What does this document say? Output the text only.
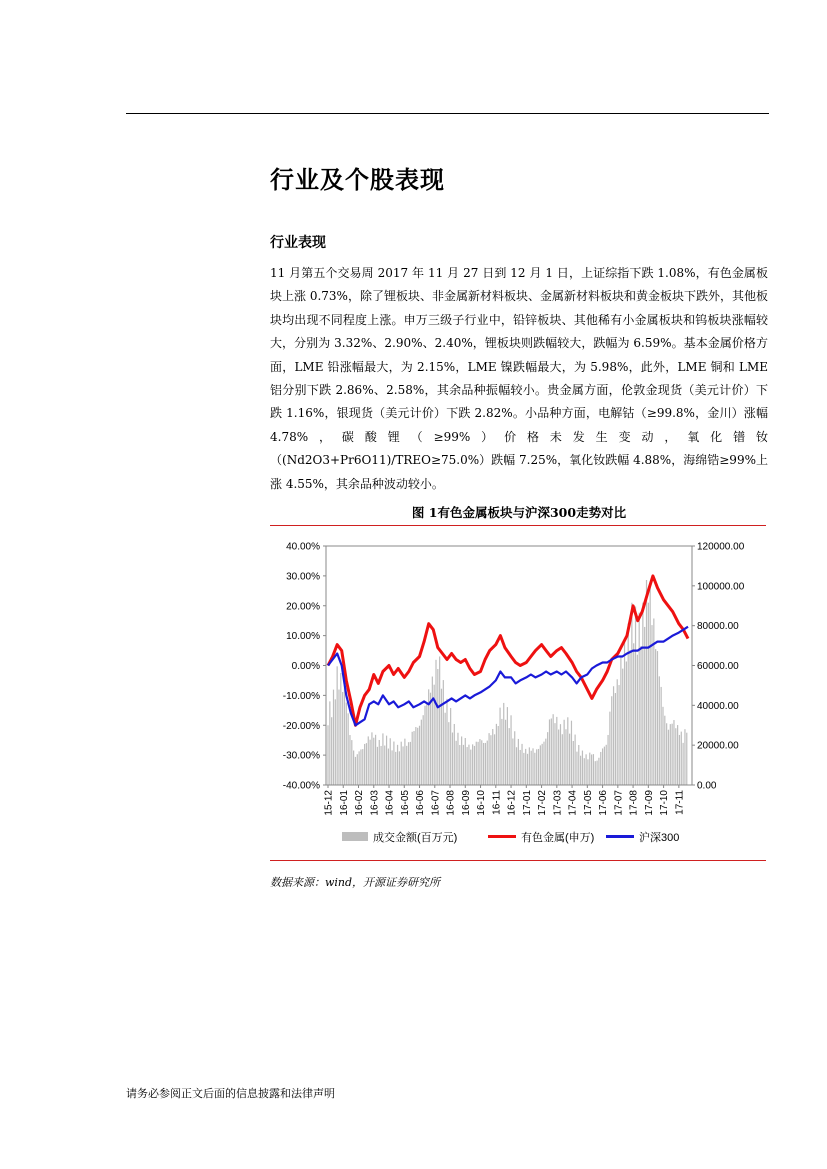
行业及个股表现
行业表现

11 月第五个交易周 2017 年 11 月 27 日到 12 月 1 日，上证综指下跌 1.08%，有色金属板块上涨 0.73%，除了锂板块、非金属新材料板块、金属新材料板块和黄金板块下跌外，其他板块均出现不同程度上涨。申万三级子行业中，铅锌板块、其他稀有小金属板块和钨板块涨幅较大，分别为 3.32%、2.90%、2.40%，锂板块则跌幅较大，跌幅为 6.59%。基本金属价格方面，LME 铅涨幅最大，为 2.15%，LME 镍跌幅最大，为 5.98%，此外，LME 铜和 LME 铝分别下跌 2.86%、2.58%，其余品种振幅较小。贵金属方面，伦敦金现货（美元计价）下跌 1.16%，银现货（美元计价）下跌 2.82%。小品种方面，电解钴（≥99.8%，金川）涨幅 4.78%，碳酸锂（≥99%）价格未发生变动，氧化镨钕（(Nd2O3+Pr6O11)/TREO≥75.0%）跌幅 7.25%，氧化钕跌幅 4.88%，海绵锆≥99%上涨 4.55%，其余品种波动较小。

图 1有色金属板块与沪深300走势对比
40.00%
30.00%
20.00%
10.00%
0.00%
-10.00%
-20.00%
-30.00%
-40.00%
120000.00
100000.00
80000.00
60000.00
40000.00
20000.00
0.00
15-12 16-01 16-02 16-03 16-04 16-05 16-06 16-07 16-08 16-09 16-10 16-11 16-12 17-01 17-02 17-03 17-04 17-05 17-06 17-07 17-08 17-09 17-10 17-11
成交金额(百万元)	有色金属(申万)	沪深300
数据来源：wind，开源证券研究所
请务必参阅正文后面的信息披露和法律声明
